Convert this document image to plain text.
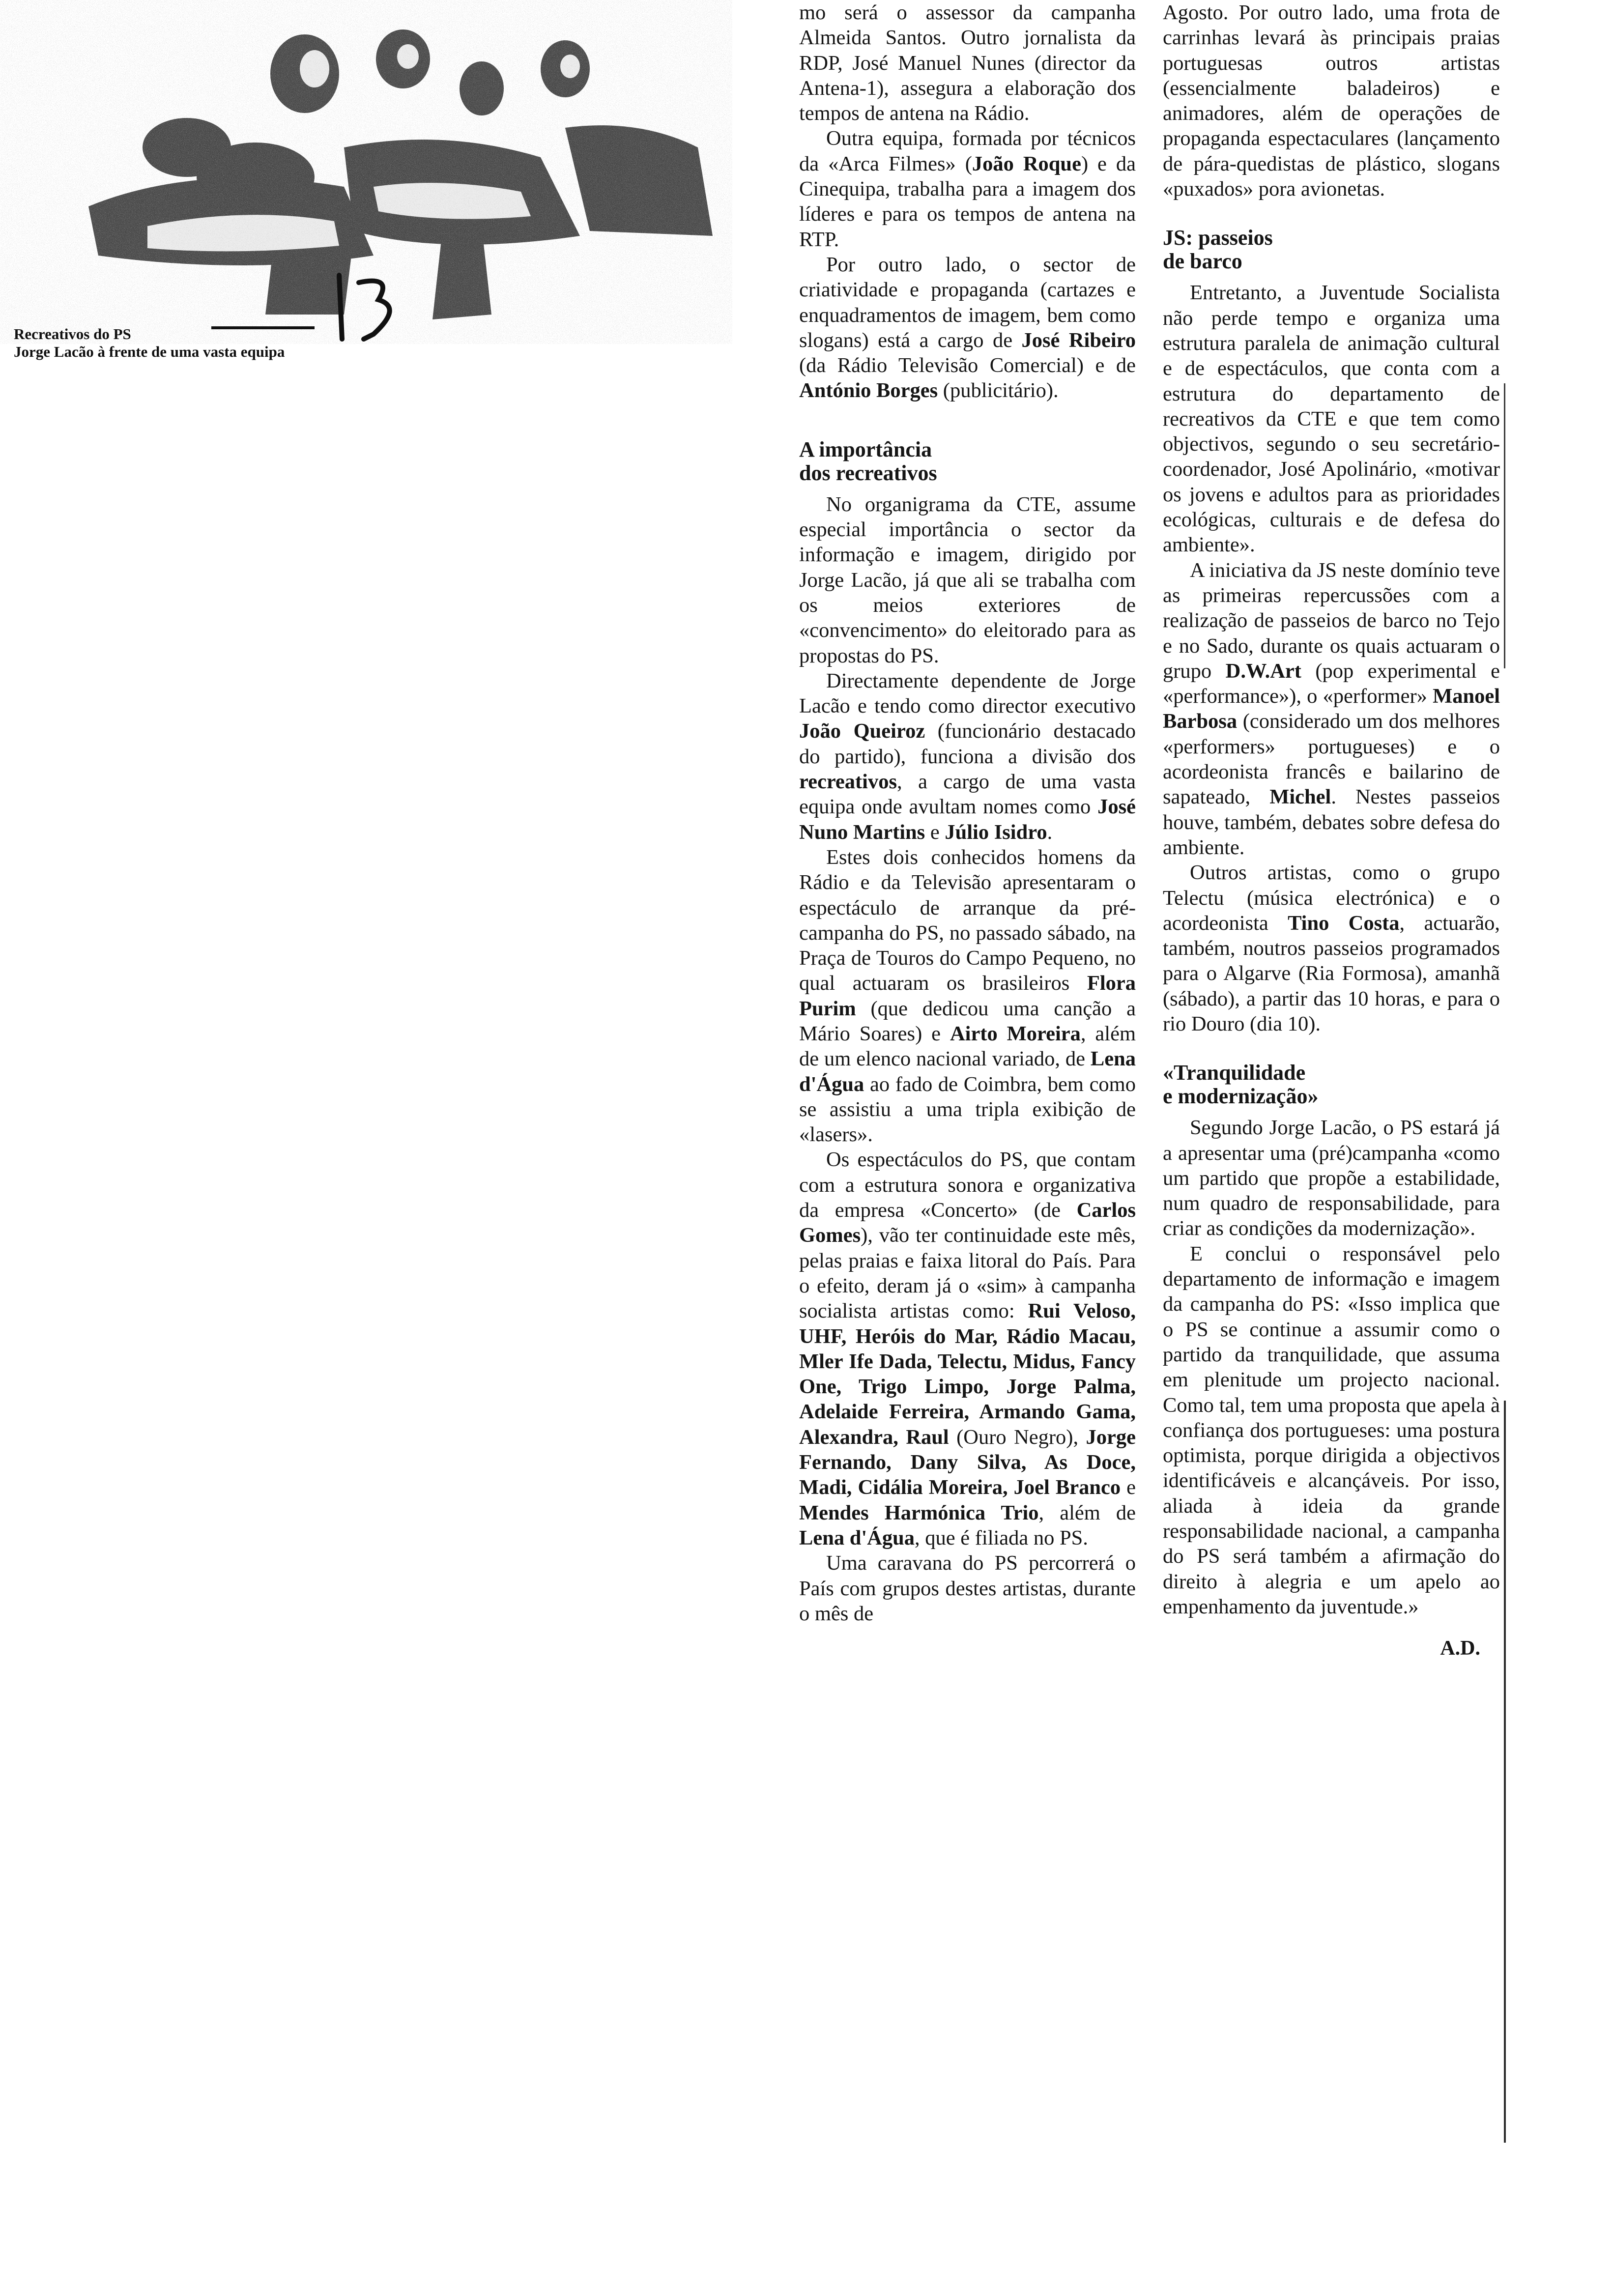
13
Recreativos do PS
Jorge Lacão à frente de uma vasta equipa

mo será o assessor da campanha Almeida Santos. Outro jornalista da RDP, José Manuel Nunes (director da Antena-1), assegura a elaboração dos tempos de antena na Rádio.

Outra equipa, formada por técnicos da «Arca Filmes» (João Roque) e da Cinequipa, trabalha para a imagem dos líderes e para os tempos de antena na RTP.

Por outro lado, o sector de criatividade e propaganda (cartazes e enquadramentos de imagem, bem como slogans) está a cargo de José Ribeiro (da Rádio Televisão Comercial) e de António Borges (publicitário).

A importância
dos recreativos

No organigrama da CTE, assume especial importância o sector da informação e imagem, dirigido por Jorge Lacão, já que ali se trabalha com os meios exteriores de «convencimento» do eleitorado para as propostas do PS.

Directamente dependente de Jorge Lacão e tendo como director executivo João Queiroz (funcionário destacado do partido), funciona a divisão dos recreativos, a cargo de uma vasta equipa onde avultam nomes como José Nuno Martins e Júlio Isidro.

Estes dois conhecidos homens da Rádio e da Televisão apresentaram o espectáculo de arranque da pré-campanha do PS, no passado sábado, na Praça de Touros do Campo Pequeno, no qual actuaram os brasileiros Flora Purim (que dedicou uma canção a Mário Soares) e Airto Moreira, além de um elenco nacional variado, de Lena d'Água ao fado de Coimbra, bem como se assistiu a uma tripla exibição de «lasers».

Os espectáculos do PS, que contam com a estrutura sonora e organizativa da empresa «Concerto» (de Carlos Gomes), vão ter continuidade este mês, pelas praias e faixa litoral do País. Para o efeito, deram já o «sim» à campanha socialista artistas como: Rui Veloso, UHF, Heróis do Mar, Rádio Macau, Mler Ife Dada, Telectu, Midus, Fancy One, Trigo Limpo, Jorge Palma, Adelaide Ferreira, Armando Gama, Alexandra, Raul (Ouro Negro), Jorge Fernando, Dany Silva, As Doce, Madi, Cidália Moreira, Joel Branco e Mendes Harmónica Trio, além de Lena d'Água, que é filiada no PS.

Uma caravana do PS percorrerá o País com grupos destes artistas, durante o mês de

Agosto. Por outro lado, uma frota de carrinhas levará às principais praias portuguesas outros artistas (essencialmente baladeiros) e animadores, além de operações de propaganda espectaculares (lançamento de pára-quedistas de plástico, slogans «puxados» pora avionetas.

JS: passeios
de barco

Entretanto, a Juventude Socialista não perde tempo e organiza uma estrutura paralela de animação cultural e de espectáculos, que conta com a estrutura do departamento de recreativos da CTE e que tem como objectivos, segundo o seu secretário-coordenador, José Apolinário, «motivar os jovens e adultos para as prioridades ecológicas, culturais e de defesa do ambiente».

A iniciativa da JS neste domínio teve as primeiras repercussões com a realização de passeios de barco no Tejo e no Sado, durante os quais actuaram o grupo D.W.Art (pop experimental e «performance»), o «performer» Manoel Barbosa (considerado um dos melhores «performers» portugueses) e o acordeonista francês e bailarino de sapateado, Michel. Nestes passeios houve, também, debates sobre defesa do ambiente.

Outros artistas, como o grupo Telectu (música electrónica) e o acordeonista Tino Costa, actuarão, também, noutros passeios programados para o Algarve (Ria Formosa), amanhã (sábado), a partir das 10 horas, e para o rio Douro (dia 10).

«Tranquilidade
e modernização»

Segundo Jorge Lacão, o PS estará já a apresentar uma (pré)campanha «como um partido que propõe a estabilidade, num quadro de responsabilidade, para criar as condições da modernização».

E conclui o responsável pelo departamento de informação e imagem da campanha do PS: «Isso implica que o PS se continue a assumir como o partido da tranquilidade, que assuma em plenitude um projecto nacional. Como tal, tem uma proposta que apela à confiança dos portugueses: uma postura optimista, porque dirigida a objectivos identificáveis e alcançáveis. Por isso, aliada à ideia da grande responsabilidade nacional, a campanha do PS será também a afirmação do direito à alegria e um apelo ao empenhamento da juventude.»

A.D.
